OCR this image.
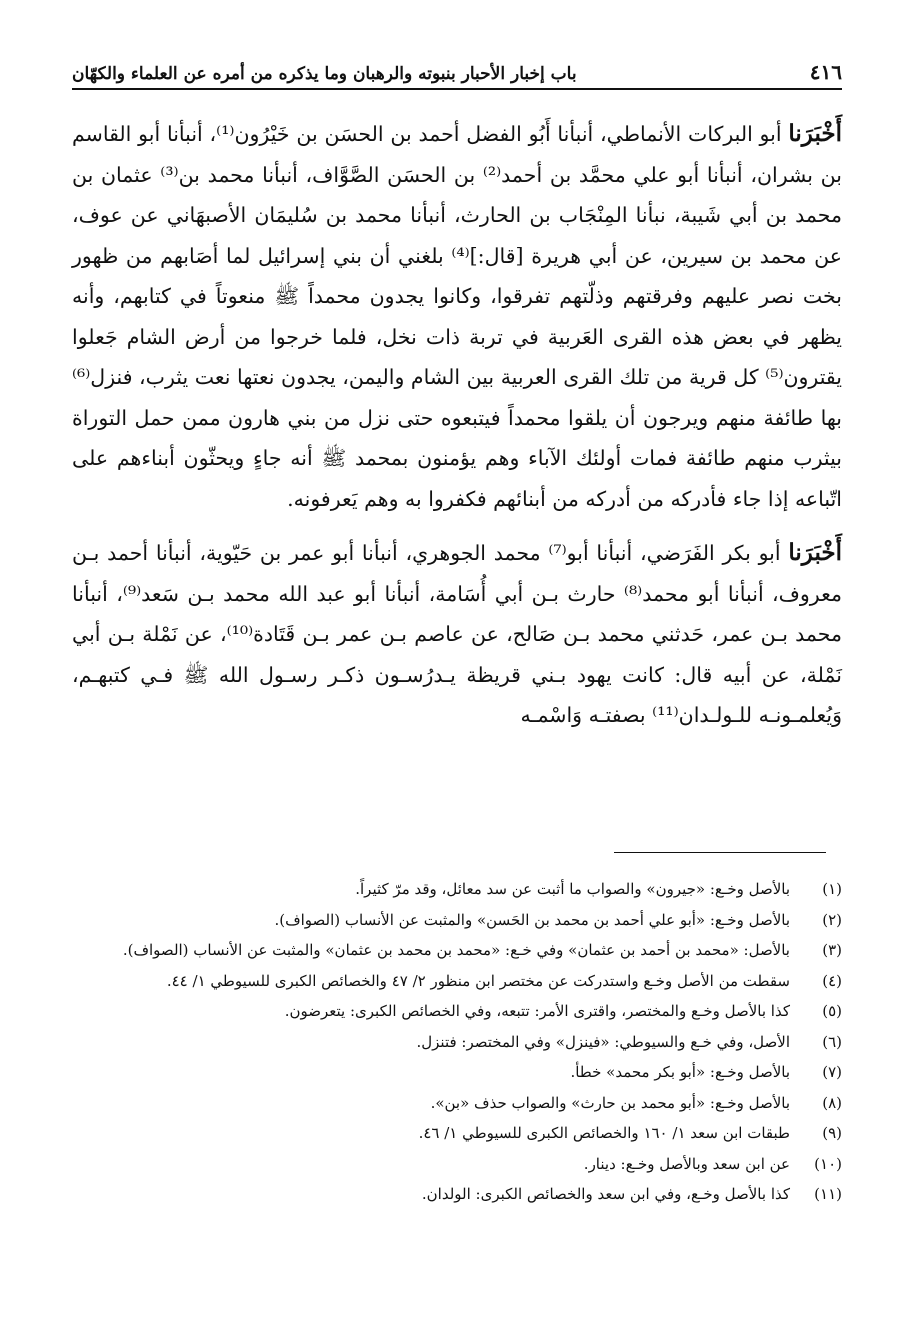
٤١٦
باب إخبار الأحبار بنبوته والرهبان وما يذكره من أمره عن العلماء والكهّان

أَخْبَرَنا أبو البركات الأنماطي، أنبأنا أَبُو الفضل أحمد بن الحسَن بن خَيْرُون⁽¹⁾، أنبأنا أبو القاسم بن بشران، أنبأنا أبو علي محمَّد بن أحمد⁽²⁾ بن الحسَن الصَّوَّاف، أنبأنا محمد بن⁽³⁾ عثمان بن محمد بن أبي شَيبة، نبأنا المِنْجَاب بن الحارث، أنبأنا محمد بن سُليمَان الأصبهَاني عن عوف، عن محمد بن سيرين، عن أبي هريرة [قال:]⁽⁴⁾ بلغني أن بني إسرائيل لما أصَابهم من ظهور بخت نصر عليهم وفرقتهم وذلّتهم تفرقوا، وكانوا يجدون محمداً ﷺ منعوتاً في كتابهم، وأنه يظهر في بعض هذه القرى العَربية في تربة ذات نخل، فلما خرجوا من أرض الشام جَعلوا يقترون⁽⁵⁾ كل قرية من تلك القرى العربية بين الشام واليمن، يجدون نعتها نعت يثرب، فنزل⁽⁶⁾ بها طائفة منهم ويرجون أن يلقوا محمداً فيتبعوه حتى نزل من بني هارون ممن حمل التوراة بيثرب منهم طائفة فمات أولئك الآباء وهم يؤمنون بمحمد ﷺ أنه جاءٍ ويحثّون أبناءهم على اتّباعه إذا جاء فأدركه من أدركه من أبنائهم فكفروا به وهم يَعرفونه.

أَخْبَرَنا أبو بكر الفَرَضي، أنبأنا أبو⁽⁷⁾ محمد الجوهري، أنبأنا أبو عمر بن حَيّوية، أنبأنا أحمد بـن معروف، أنبأنا أبو محمد⁽⁸⁾ حارث بـن أبي أُسَامة، أنبأنا أبو عبد الله محمد بـن سَعد⁽⁹⁾، أنبأنا محمد بـن عمر، حَدثني محمد بـن صَالح، عن عاصم بـن عمر بـن قَتَادة⁽¹⁰⁾، عن نَمْلة بـن أبي نَمْلة، عن أبيه قال: كانت يهود بـني قريظة يـدرُسـون ذكـر رسـول الله ﷺ فـي كتبهـم، وَيُعلمـونـه للـولـدان⁽¹¹⁾ بصفتـه وَاسْمـه

(١)
بالأصل وخـع: «جيرون» والصواب ما أثبت عن سد معائل، وقد مرّ كثيراً.
(٢)
بالأصل وخـع: «أبو علي أحمد بن محمد بن الحَسن» والمثبت عن الأنساب (الصواف).
(٣)
بالأصل: «محمد بن أحمد بن عثمان» وفي خـع: «محمد بن محمد بن عثمان» والمثبت عن الأنساب (الصواف).
(٤)
سقطت من الأصل وخـع واستدركت عن مختصر ابن منظور ٢/ ٤٧ والخصائص الكبرى للسيوطي ١/ ٤٤.
(٥)
كذا بالأصل وخـع والمختصر، واقترى الأمر: تتبعه، وفي الخصائص الكبرى: يتعرضون.
(٦)
الأصل، وفي خـع والسيوطي: «فينزل» وفي المختصر: فتنزل.
(٧)
بالأصل وخـع: «أبو بكر محمد» خطأ.
(٨)
بالأصل وخـع: «أبو محمد بن حارث» والصواب حذف «بن».
(٩)
طبقات ابن سعد ١/ ١٦٠ والخصائص الكبرى للسيوطي ١/ ٤٦.
(١٠)
عن ابن سعد وبالأصل وخـع: دينار.
(١١)
كذا بالأصل وخـع، وفي ابن سعد والخصائص الكبرى: الولدان.
